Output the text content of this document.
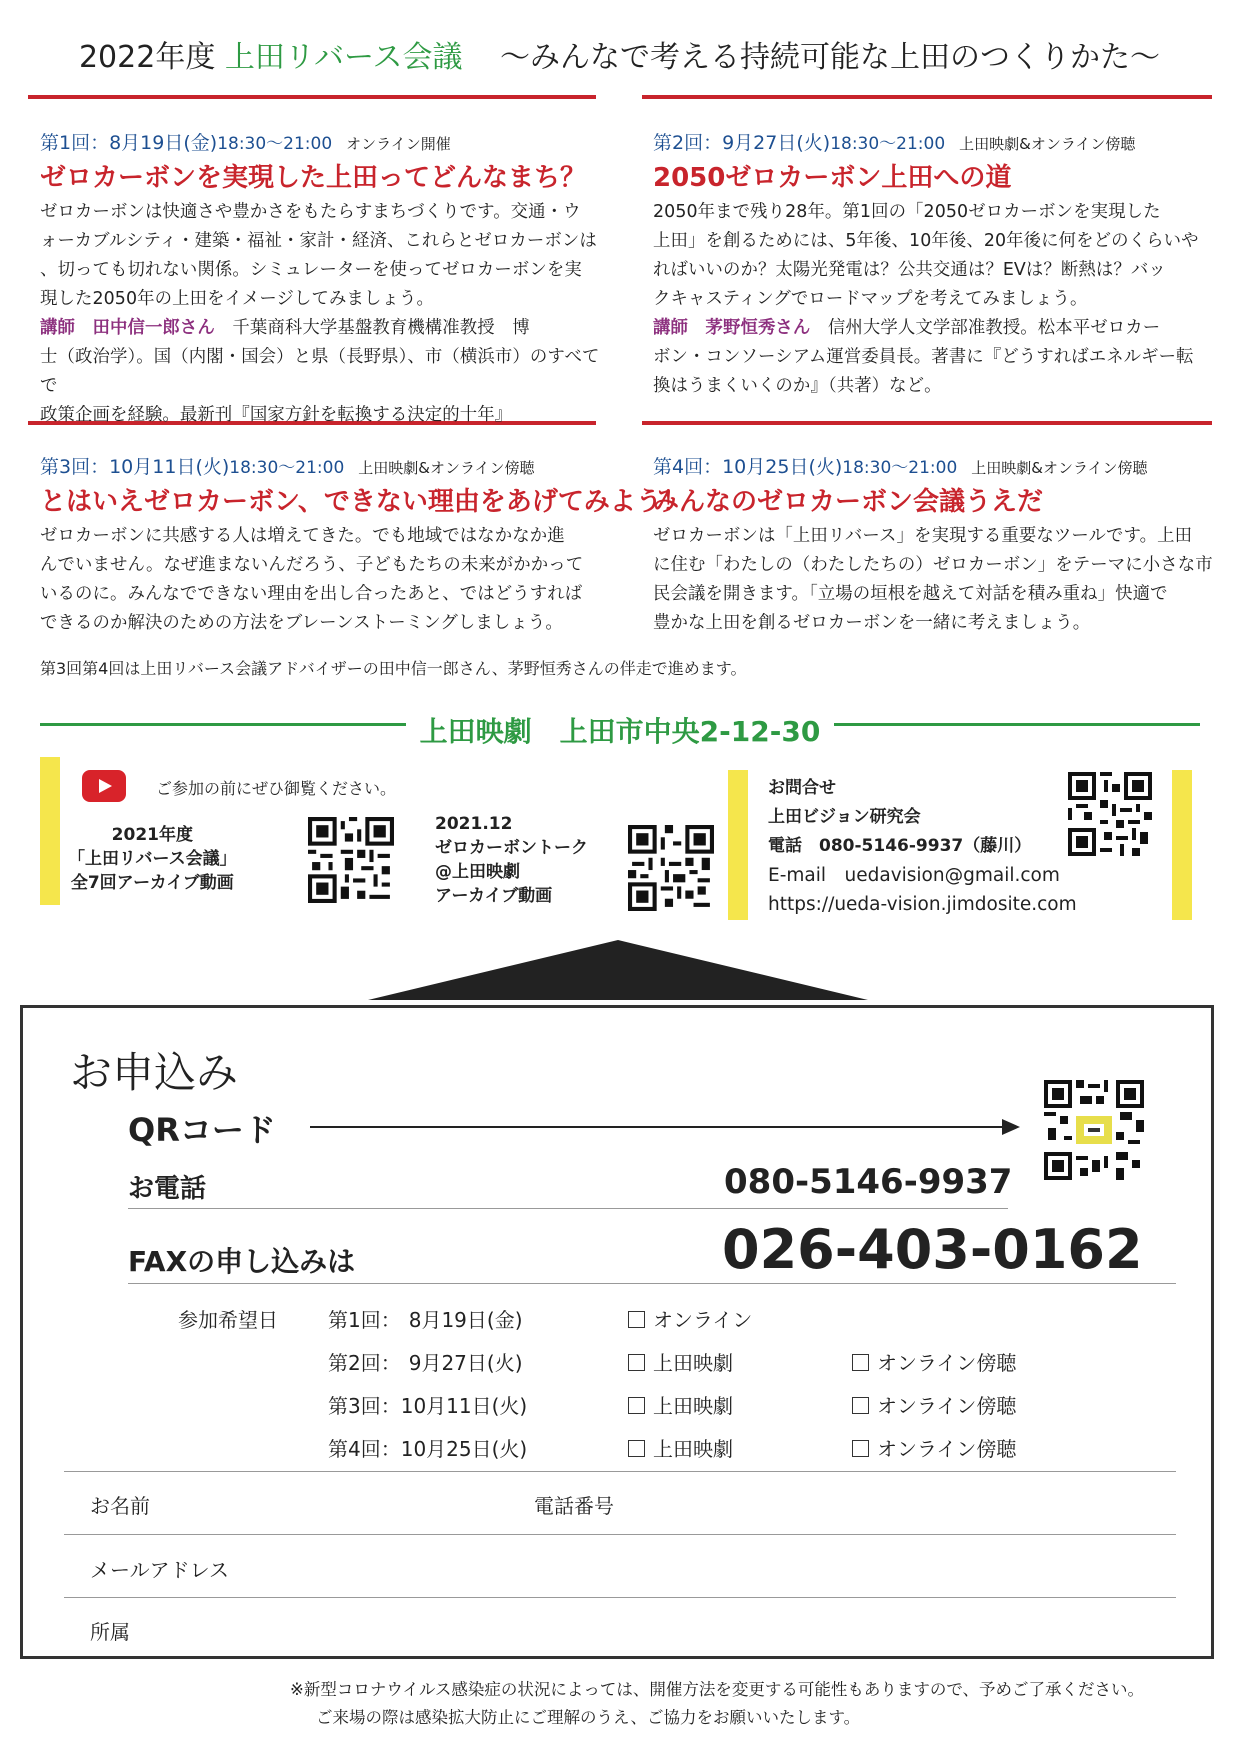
2022年度 上田リバース会議 〜みんなで考える持続可能な上田のつくりかた〜
第1回：8月19日(金)18:30〜21:00 オンライン開催
ゼロカーボンを実現した上田ってどんなまち？
ゼロカーボンは快適さや豊かさをもたらすまちづくりです。交通・ウ
ォーカブルシティ・建築・福祉・家計・経済、これらとゼロカーボンは
、切っても切れない関係。シミュレーターを使ってゼロカーボンを実
現した2050年の上田をイメージしてみましょう。
講師　田中信一郎さん　千葉商科大学基盤教育機構准教授　博
士（政治学）。国（内閣・国会）と県（長野県）、市（横浜市）のすべてで
政策企画を経験。最新刊『国家方針を転換する決定的十年』
第2回：9月27日(火)18:30〜21:00 上田映劇&オンライン傍聴
2050ゼロカーボン上田への道
2050年まで残り28年。第1回の「2050ゼロカーボンを実現した
上田」を創るためには、5年後、10年後、20年後に何をどのくらいや
ればいいのか？太陽光発電は？公共交通は？EVは？断熱は？バッ
クキャスティングでロードマップを考えてみましょう。
講師　茅野恒秀さん　信州大学人文学部准教授。松本平ゼロカー
ボン・コンソーシアム運営委員長。著書に『どうすればエネルギー転
換はうまくいくのか』（共著）など。
第3回：10月11日(火)18:30〜21:00 上田映劇&オンライン傍聴
とはいえゼロカーボン、できない理由をあげてみよう！
ゼロカーボンに共感する人は増えてきた。でも地域ではなかなか進
んでいません。なぜ進まないんだろう、子どもたちの未来がかかって
いるのに。みんなでできない理由を出し合ったあと、ではどうすれば
できるのか解決のための方法をブレーンストーミングしましょう。
第4回：10月25日(火)18:30〜21:00 上田映劇&オンライン傍聴
みんなのゼロカーボン会議うえだ
ゼロカーボンは「上田リバース」を実現する重要なツールです。上田
に住む「わたしの（わたしたちの）ゼロカーボン」をテーマに小さな市
民会議を開きます。「立場の垣根を越えて対話を積み重ね」快適で
豊かな上田を創るゼロカーボンを一緒に考えましょう。
第3回第4回は上田リバース会議アドバイザーの田中信一郎さん、茅野恒秀さんの伴走で進めます。
上田映劇　上田市中央2-12-30
ご参加の前にぜひ御覧ください。
2021年度
「上田リバース会議」
全7回アーカイブ動画
2021.12
ゼロカーボントーク
@上田映劇
アーカイブ動画
お問合せ
上田ビジョン研究会
電話　080-5146-9937（藤川）
E-mail　uedavision@gmail.com
https://ueda-vision.jimdosite.com
お申込み
QRコード
お電話	080-5146-9937
FAXの申し込みは	026-403-0162
参加希望日	第1回： 8月19日(金)	オンライン
第2回： 9月27日(火)	上田映劇	オンライン傍聴
第3回：10月11日(火)	上田映劇	オンライン傍聴
第4回：10月25日(火)	上田映劇	オンライン傍聴
お名前	電話番号
メールアドレス
所属
※新型コロナウイルス感染症の状況によっては、開催方法を変更する可能性もありますので、予めご了承ください。
ご来場の際は感染拡大防止にご理解のうえ、ご協力をお願いいたします。
